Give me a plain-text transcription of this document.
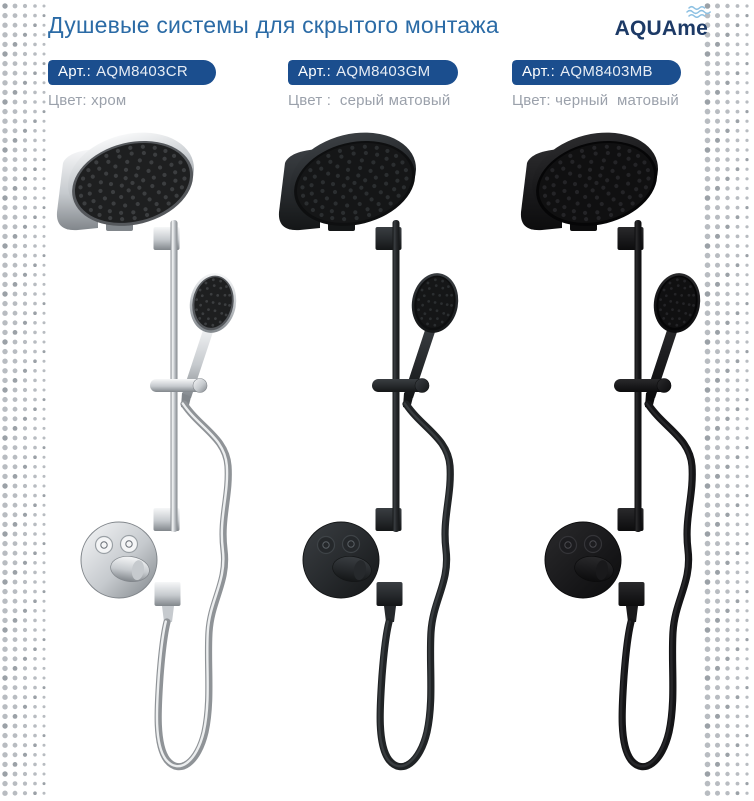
Душевые системы для скрытого монтажа	AQUAme
Арт.: AQM8403CR
Цвет: хром
Арт.: AQM8403GM
Цвет :  серый матовый
Арт.: AQM8403MB
Цвет: черный  матовый
